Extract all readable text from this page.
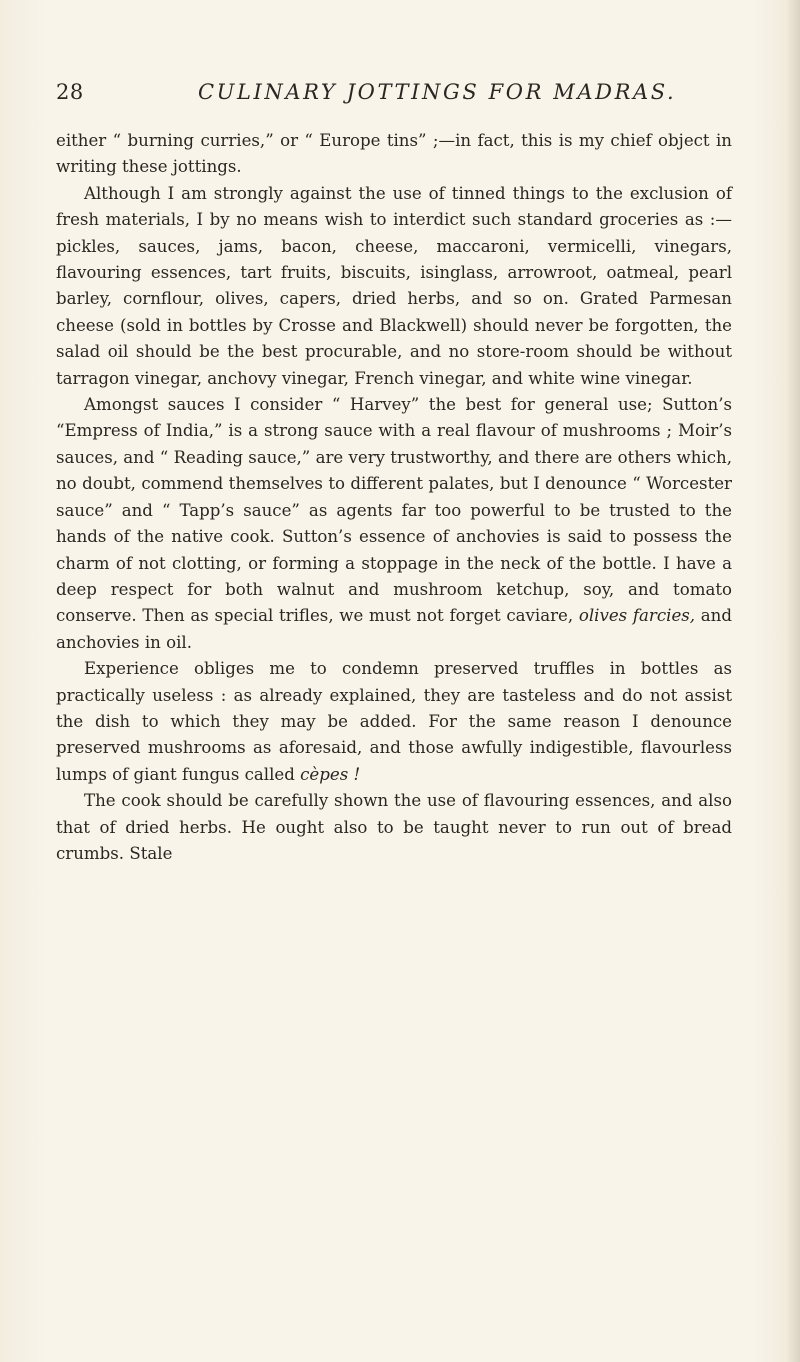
28	CULINARY JOTTINGS FOR MADRAS.

either “ burning curries,” or “ Europe tins” ;—in fact, this is my chief object in writing these jottings.

Although I am strongly against the use of tinned things to the exclusion of fresh materials, I by no means wish to interdict such standard groceries as :—pickles, sauces, jams, bacon, cheese, maccaroni, vermicelli, vinegars, flavouring essences, tart fruits, biscuits, isinglass, arrowroot, oatmeal, pearl barley, cornflour, olives, capers, dried herbs, and so on. Grated Parmesan cheese (sold in bottles by Crosse and Blackwell) should never be forgotten, the salad oil should be the best procurable, and no store-room should be without tarragon vinegar, anchovy vinegar, French vinegar, and white wine vinegar.

Amongst sauces I consider “ Harvey” the best for general use; Sutton’s “Empress of India,” is a strong sauce with a real flavour of mushrooms ; Moir’s sauces, and “ Reading sauce,” are very trustworthy, and there are others which, no doubt, commend themselves to different palates, but I denounce “ Worcester sauce” and “ Tapp’s sauce” as agents far too powerful to be trusted to the hands of the native cook. Sutton’s essence of anchovies is said to possess the charm of not clotting, or forming a stoppage in the neck of the bottle. I have a deep respect for both walnut and mushroom ketchup, soy, and tomato conserve. Then as special trifles, we must not forget caviare, olives farcies, and anchovies in oil.

Experience obliges me to condemn preserved truffles in bottles as practically useless : as already explained, they are tasteless and do not assist the dish to which they may be added. For the same reason I denounce preserved mushrooms as aforesaid, and those awfully indigestible, flavourless lumps of giant fungus called cèpes !

The cook should be carefully shown the use of flavouring essences, and also that of dried herbs. He ought also to be taught never to run out of bread crumbs. Stale
